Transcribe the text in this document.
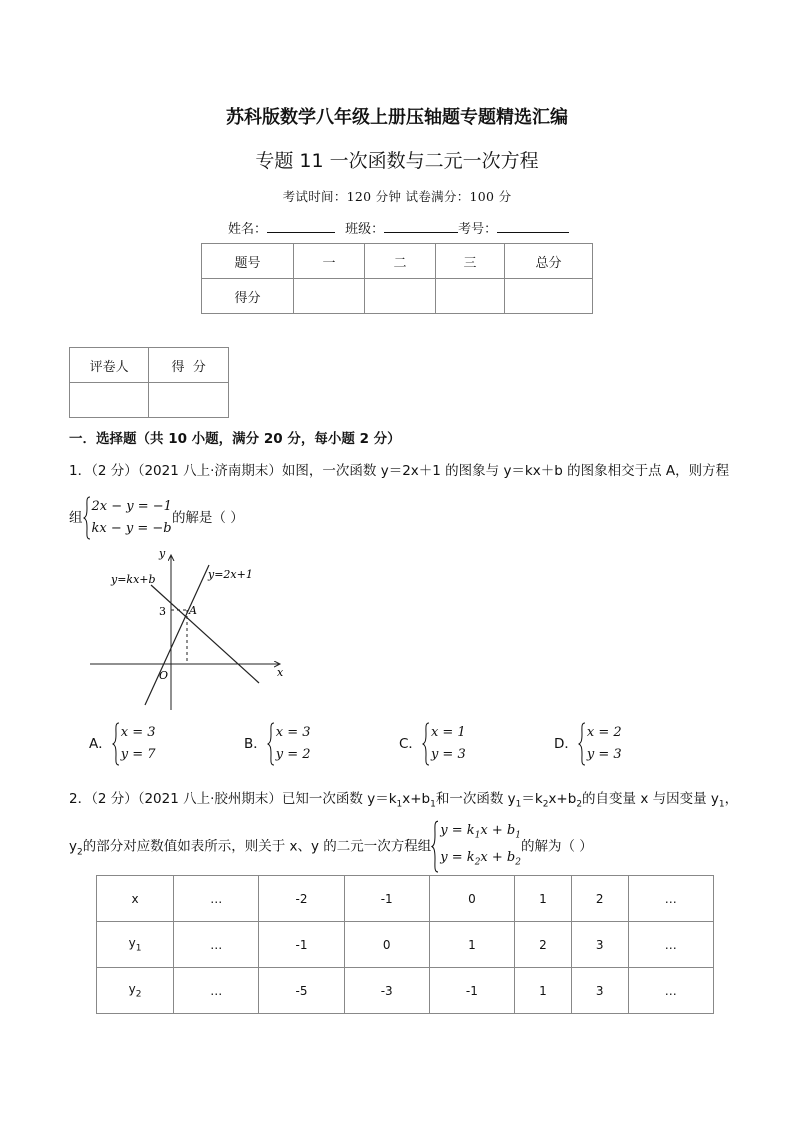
苏科版数学八年级上册压轴题专题精选汇编
专题 11 一次函数与二元一次方程
考试时间：120 分钟 试卷满分：100 分
姓名：	班级：	考号：
题号	一	二	三	总分
得分				
评卷人	得  分

一．选择题（共 10 小题，满分 20 分，每小题 2 分）
1．（2 分）（2021 八上·济南期末）如图，一次函数 y＝2x＋1 的图象与 y＝kx＋b 的图象相交于点 A，则方程
组
2x − y = −1
kx − y = −b
的解是（ ）
y=kx+b	y=2x+1
y
x
O
A
3
A．
x = 3
y = 7
B．
x = 3
y = 2
C．
x = 1
y = 3
D．
x = 2
y = 3
2．（2 分）（2021 八上·胶州期末）已知一次函数 $y=k_1x+b_1$和一次函数 $y_1=k_2x+b_2$的自变量 x 与因变量 $y_1$，
$y_2$的部分对应数值如表所示，则关于 x、y 的二元一次方程组
$y = k_1x + b_1$
$y = k_2x + b_2$
的解为（ ）
x	…	-2	-1	0	1	2	…
$y_1$	…	-1	0	1	2	3	…
$y_2$	…	-5	-3	-1	1	3	…
